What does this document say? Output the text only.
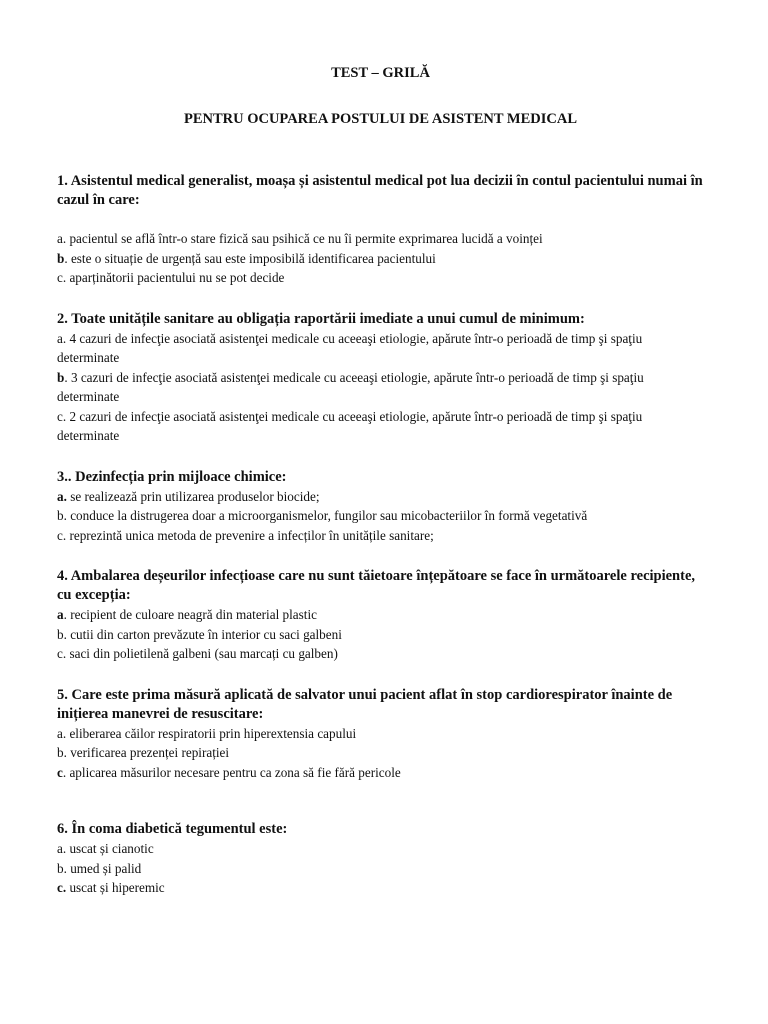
TEST – GRILĂ

PENTRU OCUPAREA POSTULUI DE ASISTENT MEDICAL

1. Asistentul medical generalist, moașa și asistentul medical pot lua decizii în contul pacientului numai în cazul în care:

a. pacientul se află într-o stare fizică sau psihică ce nu îi permite exprimarea lucidă a voinței

b. este o situație de urgență sau este imposibilă identificarea pacientului

c. aparținătorii pacientului nu se pot decide

2. Toate unitățile sanitare au obligația raportării imediate a unui cumul de minimum:

a. 4 cazuri de infecţie asociată asistenţei medicale cu aceeaşi etiologie, apărute într-o perioadă de timp şi spaţiu determinate

b. 3 cazuri de infecţie asociată asistenţei medicale cu aceeaşi etiologie, apărute într-o perioadă de timp şi spaţiu determinate

c. 2 cazuri de infecţie asociată asistenţei medicale cu aceeaşi etiologie, apărute într-o perioadă de timp şi spaţiu determinate

3.. Dezinfecția prin mijloace chimice:

a. se realizează prin utilizarea produselor biocide;

b. conduce la distrugerea doar a microorganismelor, fungilor sau micobacteriilor în formă vegetativă

c. reprezintă unica metoda de prevenire a infecților în unitățile sanitare;

4. Ambalarea deșeurilor infecțioase care nu sunt tăietoare înțepătoare se face în următoarele recipiente, cu excepția:

a. recipient de culoare neagră din material plastic

b. cutii din carton prevăzute în interior cu saci galbeni

c. saci din polietilenă galbeni (sau marcați cu galben)

5. Care este prima măsură aplicată de salvator unui pacient aflat în stop cardiorespirator înainte de inițierea manevrei de resuscitare:

a. eliberarea căilor respiratorii prin hiperextensia capului

b. verificarea prezenței repirației

c. aplicarea măsurilor necesare pentru ca zona să fie fără pericole

6. În coma diabetică tegumentul este:

a. uscat și cianotic

b. umed și palid

c. uscat și hiperemic
